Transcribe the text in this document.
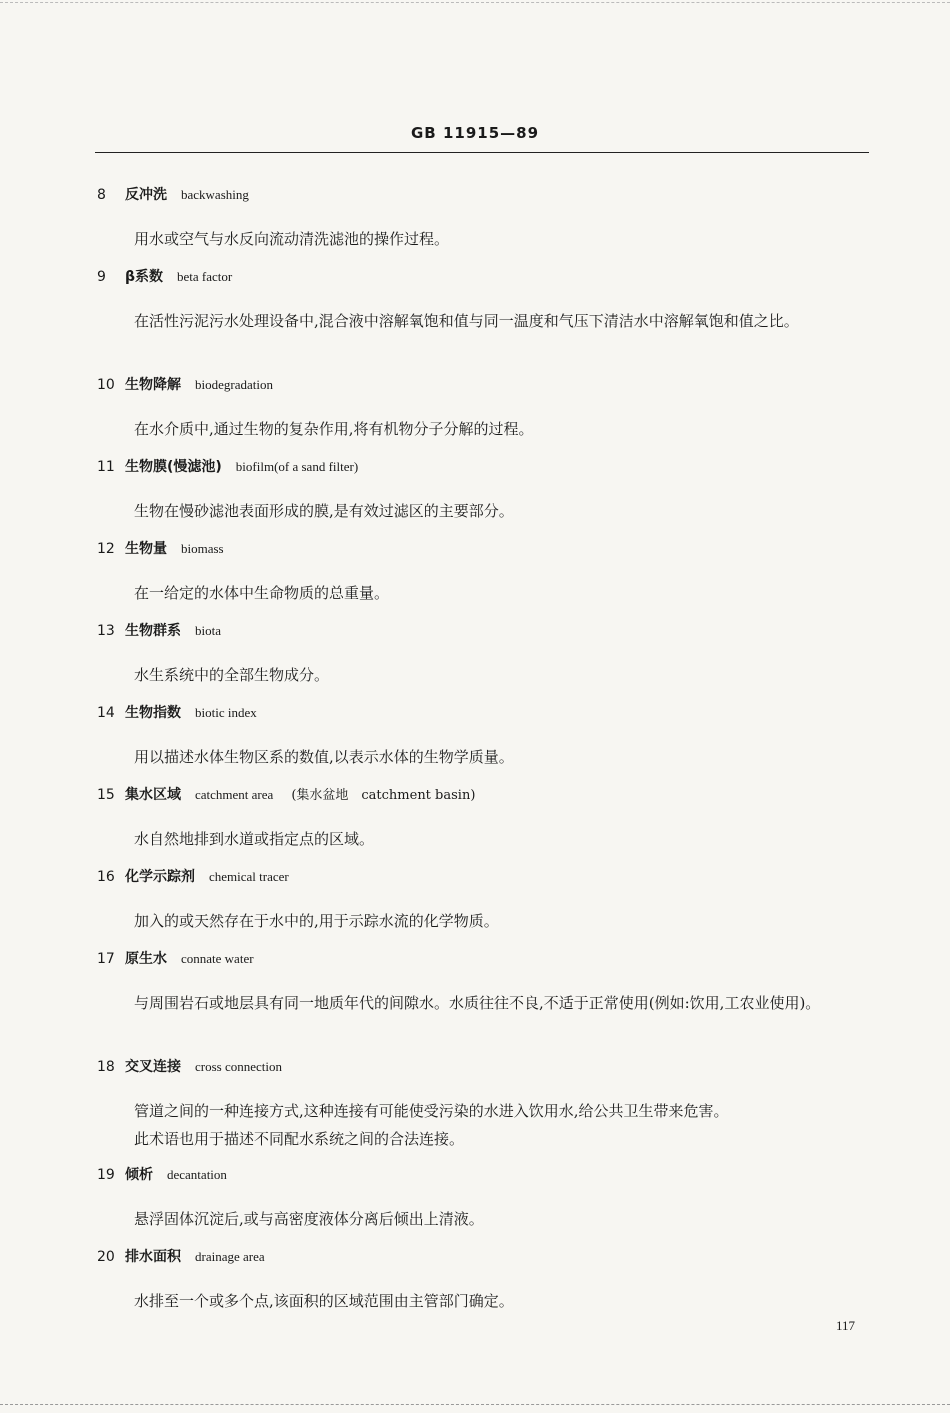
GB 11915—89
8 反冲洗 backwashing
用水或空气与水反向流动清洗滤池的操作过程。
9 β系数 beta factor
在活性污泥污水处理设备中,混合液中溶解氧饱和值与同一温度和气压下清洁水中溶解氧饱和值之比。
10 生物降解 biodegradation
在水介质中,通过生物的复杂作用,将有机物分子分解的过程。
11 生物膜(慢滤池) biofilm(of a sand filter)
生物在慢砂滤池表面形成的膜,是有效过滤区的主要部分。
12 生物量 biomass
在一给定的水体中生命物质的总重量。
13 生物群系 biota
水生系统中的全部生物成分。
14 生物指数 biotic index
用以描述水体生物区系的数值,以表示水体的生物学质量。
15 集水区域 catchment area (集水盆地　catchment basin)
水自然地排到水道或指定点的区域。
16 化学示踪剂 chemical tracer
加入的或天然存在于水中的,用于示踪水流的化学物质。
17 原生水 connate water
与周围岩石或地层具有同一地质年代的间隙水。水质往往不良,不适于正常使用(例如:饮用,工农业使用)。
18 交叉连接 cross connection
管道之间的一种连接方式,这种连接有可能使受污染的水进入饮用水,给公共卫生带来危害。
此术语也用于描述不同配水系统之间的合法连接。
19 倾析 decantation
悬浮固体沉淀后,或与高密度液体分离后倾出上清液。
20 排水面积 drainage area
水排至一个或多个点,该面积的区域范围由主管部门确定。
117
